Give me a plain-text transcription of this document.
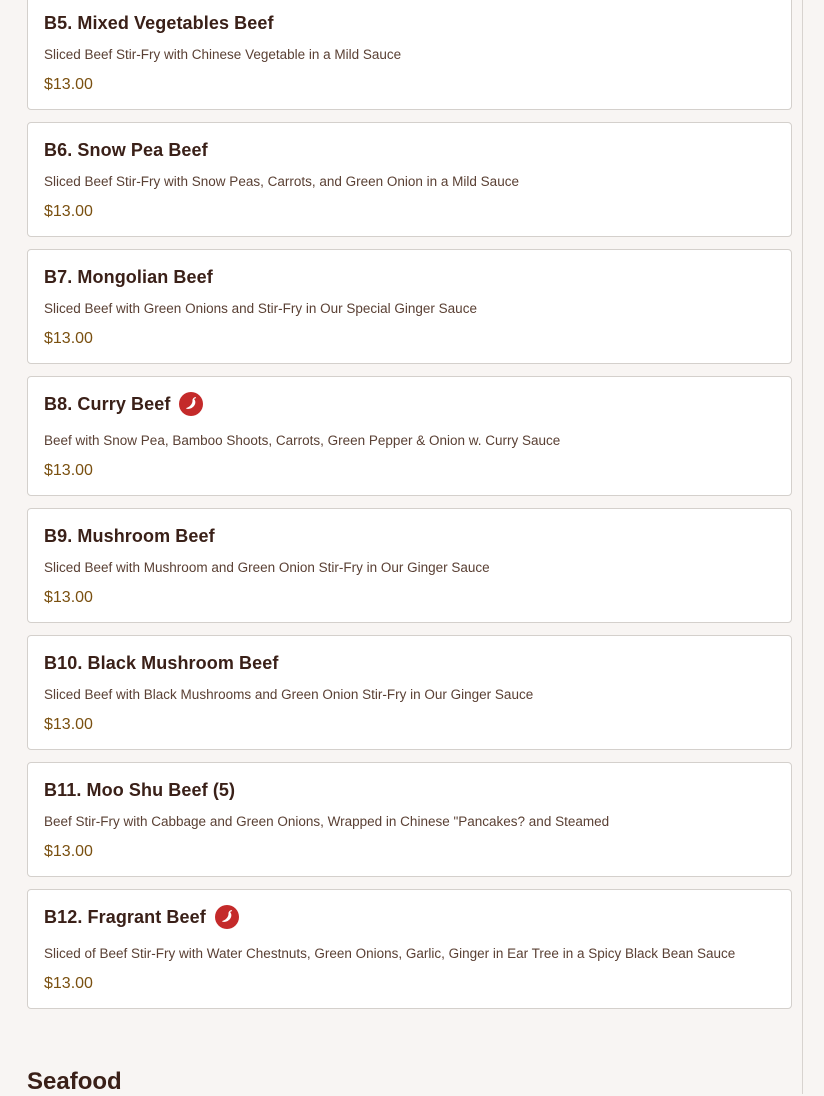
B5. Mixed Vegetables Beef
Sliced Beef Stir-Fry with Chinese Vegetable in a Mild Sauce
$13.00
B6. Snow Pea Beef
Sliced Beef Stir-Fry with Snow Peas, Carrots, and Green Onion in a Mild Sauce
$13.00
B7. Mongolian Beef
Sliced Beef with Green Onions and Stir-Fry in Our Special Ginger Sauce
$13.00
B8. Curry Beef
Beef with Snow Pea, Bamboo Shoots, Carrots, Green Pepper & Onion w. Curry Sauce
$13.00
B9. Mushroom Beef
Sliced Beef with Mushroom and Green Onion Stir-Fry in Our Ginger Sauce
$13.00
B10. Black Mushroom Beef
Sliced Beef with Black Mushrooms and Green Onion Stir-Fry in Our Ginger Sauce
$13.00
B11. Moo Shu Beef (5)
Beef Stir-Fry with Cabbage and Green Onions, Wrapped in Chinese "Pancakes? and Steamed
$13.00
B12. Fragrant Beef
Sliced of Beef Stir-Fry with Water Chestnuts, Green Onions, Garlic, Ginger in Ear Tree in a Spicy Black Bean Sauce
$13.00
Seafood
